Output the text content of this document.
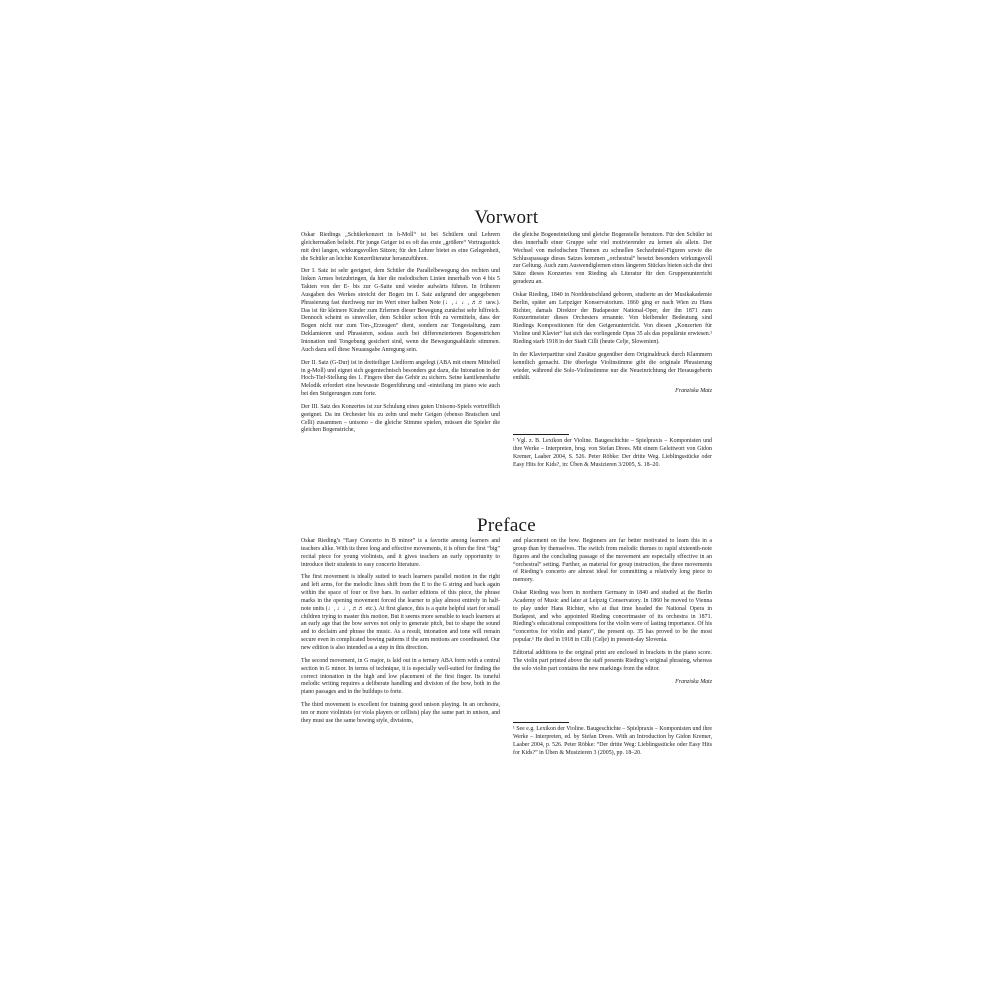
Vorwort

Oskar Riedings „Schülerkonzert in h-Moll“ ist bei Schülern und Lehrern gleichermaßen beliebt. Für junge Geiger ist es oft das erste „größere“ Vortragsstück mit drei langen, wirkungsvollen Sätzen; für den Lehrer bietet es eine Gelegenheit, die Schüler an leichte Konzertliteratur heranzuführen.

Der I. Satz ist sehr geeignet, dem Schüler die Parallelbewegung des rechten und linken Armes beizubringen, da hier die melodischen Linien innerhalb von 4 bis 5 Takten von der E- bis zur G-Saite und wieder aufwärts führen. In früheren Ausgaben des Werkes streicht der Bogen im I. Satz aufgrund der angegebenen Phrasierung fast durchweg nur im Wert einer halben Note (♩, ♩♩, ♬♬ usw.). Das ist für kleinere Kinder zum Erlernen dieser Bewegung zunächst sehr hilfreich. Dennoch scheint es sinnvoller, dem Schüler schon früh zu vermitteln, dass der Bogen nicht nur zum Ton-„Erzeugen“ dient, sondern zur Tongestaltung, zum Deklamieren und Phrasieren, sodass auch bei differenzierteren Bogenstrichen Intonation und Tongebung gesichert sind, wenn die Bewegungsabläufe stimmen. Auch dazu soll diese Neuausgabe Anregung sein.

Der II. Satz (G-Dur) ist in dreiteiliger Liedform angelegt (ABA mit einem Mittelteil in g-Moll) und eignet sich gegentechnisch besonders gut dazu, die Intonation in der Hoch-Tief-Stellung des 1. Fingers über das Gehör zu sichern. Seine kantilenenhafte Melodik erfordert eine bewusste Bogenführung und -einteilung im piano wie auch bei den Steigerungen zum forte.

Der III. Satz des Konzertes ist zur Schulung eines guten Unisono-Spiels vortrefflich geeignet. Da im Orchester bis zu zehn und mehr Geigen (ebenso Bratschen und Celli) zusammen – unisono – die gleiche Stimme spielen, müssen die Spieler die gleichen Bogenstriche,

die gleiche Bogeneinteilung und gleiche Bogenstelle benutzen. Für den Schüler ist dies innerhalb einer Gruppe sehr viel motivierender zu lernen als allein. Der Wechsel von melodischen Themen zu schnellen Sechzehntel-Figuren sowie die Schlusspassage dieses Satzes kommen „orchestral“ besetzt besonders wirkungsvoll zur Geltung. Auch zum Auswendiglernen eines längeren Stückes bieten sich die drei Sätze dieses Konzertes von Rieding als Literatur für den Gruppenunterricht geradezu an.

Oskar Rieding, 1840 in Norddeutschland geboren, studierte an der Musikakademie Berlin, später am Leipziger Konservatorium. 1860 ging er nach Wien zu Hans Richter, damals Direktor der Budapester National-Oper, der ihn 1871 zum Konzertmeister dieses Orchesters ernannte. Von bleibender Bedeutung sind Riedings Kompositionen für den Geigenunterricht. Von diesen „Konzerten für Violine und Klavier“ hat sich das vorliegende Opus 35 als das populärste erwiesen.¹ Rieding starb 1918 in der Stadt Cilli (heute Celje, Slowenien).

In der Klavierpartitur sind Zusätze gegenüber dem Originaldruck durch Klammern kenntlich gemacht. Die überlegte Violinstimme gibt die originale Phrasierung wieder, während die Solo-Violinstimme nur die Neueinrichtung der Herausgeberin enthält.

Franziska Matz

¹ Vgl. z. B. Lexikon der Violine. Baugeschichte – Spielpraxis – Komponisten und ihre Werke – Interpreten, hrsg. von Stefan Drees. Mit einem Geleitwort von Gidon Kremer, Laaber 2004, S. 526. Peter Röbke: Der dritte Weg. Lieblingsstücke oder Easy Hits for Kids?, in: Üben & Musizieren 3/2005, S. 18–20.

Preface

Oskar Rieding’s “Easy Concerto in B minor” is a favorite among learners and teachers alike. With its three long and effective movements, it is often the first “big” recital piece for young violinists, and it gives teachers an early opportunity to introduce their students to easy concerto literature.

The first movement is ideally suited to teach learners parallel motion in the right and left arms, for the melodic lines shift from the E to the G string and back again within the space of four or five bars. In earlier editions of this piece, the phrase marks in the opening movement forced the learner to play almost entirely in half-note units (♩, ♩♩, ♬♬ etc.). At first glance, this is a quite helpful start for small children trying to master this motion. But it seems more sensible to teach learners at an early age that the bow serves not only to generate pitch, but to shape the sound and to declaim and phrase the music. As a result, intonation and tone will remain secure even in complicated bowing patterns if the arm motions are coordinated. Our new edition is also intended as a step in this direction.

The second movement, in G major, is laid out in a ternary ABA form with a central section in G minor. In terms of technique, it is especially well-suited for finding the correct intonation in the high and low placement of the first finger. Its tuneful melodic writing requires a deliberate handling and division of the bow, both in the piano passages and in the buildups to forte.

The third movement is excellent for training good unison playing. In an orchestra, ten or more violinists (or viola players or cellists) play the same part in unison, and they must use the same bowing style, divisions,

and placement on the bow. Beginners are far better motivated to learn this in a group than by themselves. The switch from melodic themes to rapid sixteenth-note figures and the concluding passage of the movement are especially effective in an “orchestral” setting. Further, as material for group instruction, the three movements of Rieding’s concerto are almost ideal for committing a relatively long piece to memory.

Oskar Rieding was born in northern Germany in 1840 and studied at the Berlin Academy of Music and later at Leipzig Conservatory. In 1860 he moved to Vienna to play under Hans Richter, who at that time headed the National Opera in Budapest, and who appointed Rieding concertmaster of its orchestra in 1871. Rieding’s educational compositions for the violin were of lasting importance. Of his “concertos for violin and piano”, the present op. 35 has proved to be the most popular.¹ He died in 1918 in Cilli (Celje) in present-day Slovenia.

Editorial additions to the original print are enclosed in brackets in the piano score. The violin part printed above the staff presents Rieding’s original phrasing, whereas the solo violin part contains the new markings from the editor.

Franziska Matz

¹ See e.g. Lexikon der Violine. Baugeschichte – Spielpraxis – Komponisten und ihre Werke – Interpreten, ed. by Stefan Drees. With an Introduction by Gidon Kremer, Laaber 2004, p. 526. Peter Röbke: “Der dritte Weg: Lieblingsstücke oder Easy Hits for Kids?” in Üben & Musizieren 3 (2005), pp. 18–20.
